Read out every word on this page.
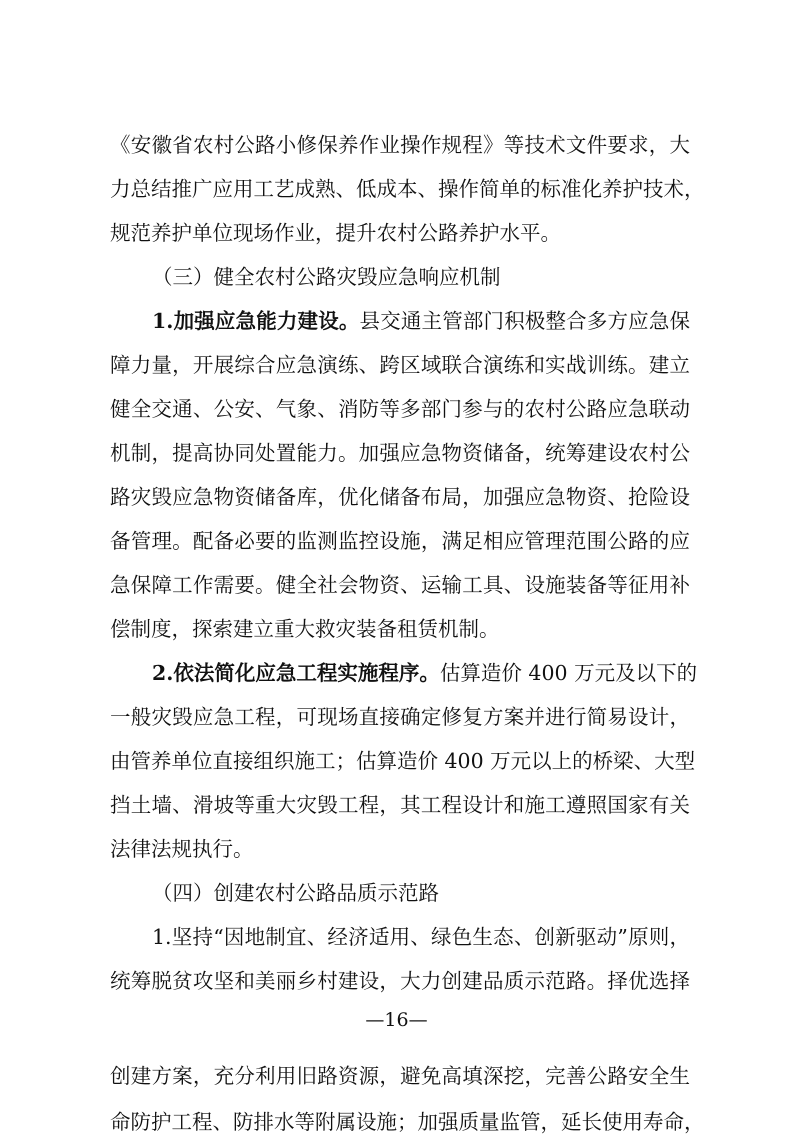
《安徽省农村公路小修保养作业操作规程》等技术文件要求，大
力总结推广应用工艺成熟、低成本、操作简单的标准化养护技术，
规范养护单位现场作业，提升农村公路养护水平。
（三）健全农村公路灾毁应急响应机制
1.加强应急能力建设。县交通主管部门积极整合多方应急保
障力量，开展综合应急演练、跨区域联合演练和实战训练。建立
健全交通、公安、气象、消防等多部门参与的农村公路应急联动
机制，提高协同处置能力。加强应急物资储备，统筹建设农村公
路灾毁应急物资储备库，优化储备布局，加强应急物资、抢险设
备管理。配备必要的监测监控设施，满足相应管理范围公路的应
急保障工作需要。健全社会物资、运输工具、设施装备等征用补
偿制度，探索建立重大救灾装备租赁机制。
2.依法简化应急工程实施程序。估算造价 400 万元及以下的
一般灾毁应急工程，可现场直接确定修复方案并进行简易设计，
由管养单位直接组织施工；估算造价 400 万元以上的桥梁、大型
挡土墙、滑坡等重大灾毁工程，其工程设计和施工遵照国家有关
法律法规执行。
（四）创建农村公路品质示范路
1.坚持“因地制宜、经济适用、绿色生态、创新驱动”原则，
统筹脱贫攻坚和美丽乡村建设，大力创建品质示范路。择优选择
创建方案，充分利用旧路资源，避免高填深挖，完善公路安全生
命防护工程、防排水等附属设施；加强质量监管，延长使用寿命，
—16—
